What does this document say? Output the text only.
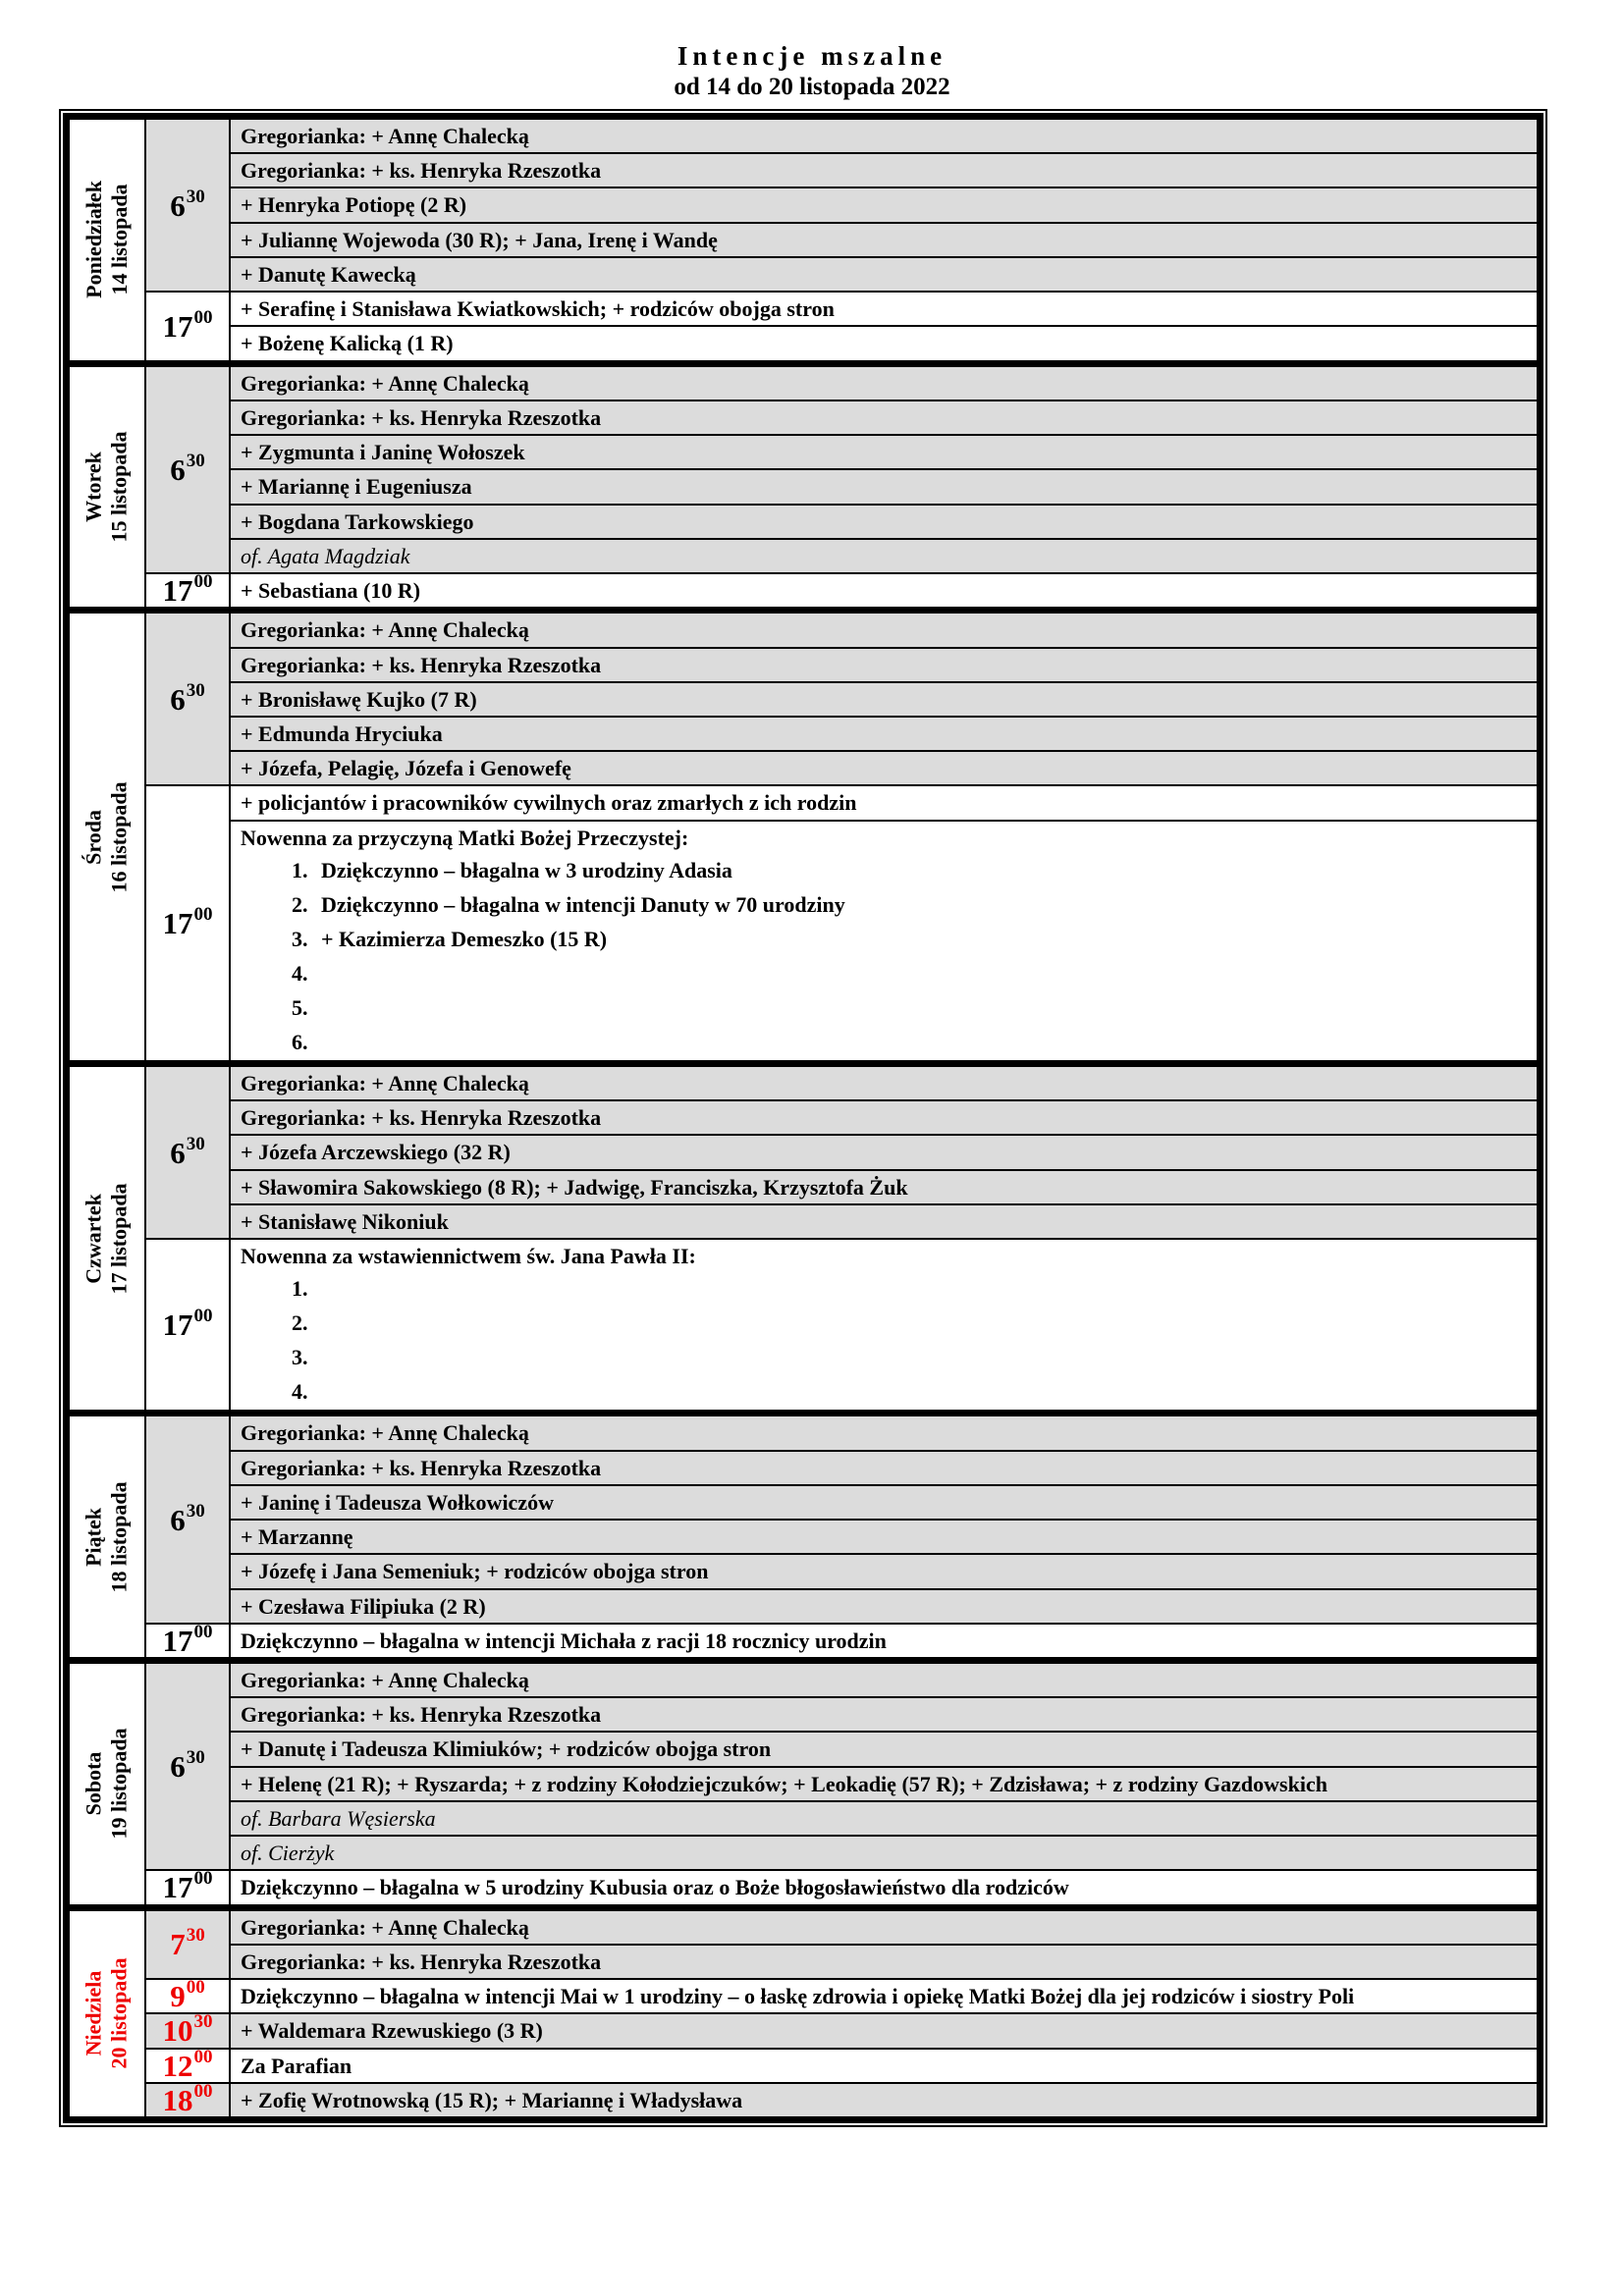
Intencje mszalne
od 14 do 20 listopada 2022
Poniedziałek 14 listopada 6 30
Gregorianka: + Annę Chalecką
Gregorianka: + ks. Henryka Rzeszotka
+ Henryka Potiopę (2 R)
+ Juliannę Wojewoda (30 R); + Jana, Irenę i Wandę
+ Danutę Kawecką
17 00 + Serafinę i Stanisława Kwiatkowskich; + rodziców obojga stron
+ Bożenę Kalicką (1 R)
Wtorek 15 listopada 6 30
Gregorianka: + Annę Chalecką
Gregorianka: + ks. Henryka Rzeszotka
+ Zygmunta i Janinę Wołoszek
+ Mariannę i Eugeniusza
+ Bogdana Tarkowskiego
of. Agata Magdziak
17 00 + Sebastiana (10 R)
Środa 16 listopada
6 30
Gregorianka: + Annę Chalecką
Gregorianka: + ks. Henryka Rzeszotka
+ Bronisławę Kujko (7 R)
+ Edmunda Hryciuka
+ Józefa, Pelagię, Józefa i Genowefę
17 00
+ policjantów i pracowników cywilnych oraz zmarłych z ich rodzin
Nowenna za przyczyną Matki Bożej Przeczystej:
1. Dziękczynno – błagalna w 3 urodziny Adasia
2. Dziękczynno – błagalna w intencji Danuty w 70 urodziny
3. + Kazimierza Demeszko (15 R)
4.
5.
6.
Czwartek 17 listopada
6 30
Gregorianka: + Annę Chalecką
Gregorianka: + ks. Henryka Rzeszotka
+ Józefa Arczewskiego (32 R)
+ Sławomira Sakowskiego (8 R); + Jadwigę, Franciszka, Krzysztofa Żuk
+ Stanisławę Nikoniuk
17 00
Nowenna za wstawiennictwem św. Jana Pawła II:
1.
2.
3.
4.
Piątek 18 listopada 6 30
Gregorianka: + Annę Chalecką
Gregorianka: + ks. Henryka Rzeszotka
+ Janinę i Tadeusza Wołkowiczów
+ Marzannę
+ Józefę i Jana Semeniuk; + rodziców obojga stron
+ Czesława Filipiuka (2 R)
17 00 Dziękczynno – błagalna w intencji Michała z racji 18 rocznicy urodzin
Sobota 19 listopada 6 30
Gregorianka: + Annę Chalecką
Gregorianka: + ks. Henryka Rzeszotka
+ Danutę i Tadeusza Klimiuków; + rodziców obojga stron
+ Helenę (21 R); + Ryszarda; + z rodziny Kołodziejczuków; + Leokadię (57 R); + Zdzisława; + z rodziny Gazdowskich
of. Barbara Węsierska
of. Cierżyk
17 00 Dziękczynno – błagalna w 5 urodziny Kubusia oraz o Boże błogosławieństwo dla rodziców
Niedziela 20 listopada
7 30 Gregorianka: + Annę Chalecką
Gregorianka: + ks. Henryka Rzeszotka
9 00 Dziękczynno – błagalna w intencji Mai w 1 urodziny – o łaskę zdrowia i opiekę Matki Bożej dla jej rodziców i siostry Poli
10 30 + Waldemara Rzewuskiego (3 R)
12 00 Za Parafian
18 00 + Zofię Wrotnowską (15 R); + Mariannę i Władysława
